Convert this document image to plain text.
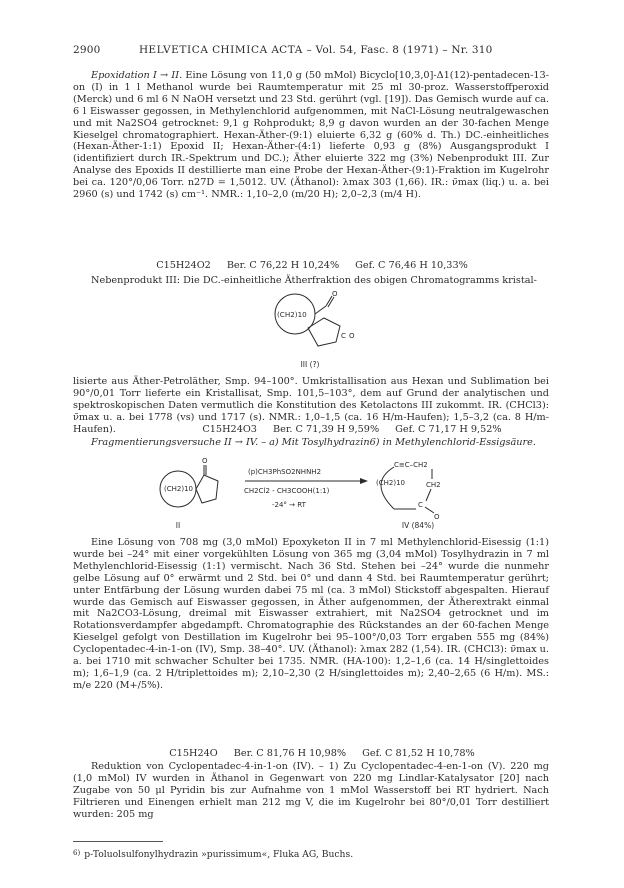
2900	HELVETICA CHIMICA ACTA – Vol. 54, Fasc. 8 (1971) – Nr. 310
Epoxidation I → II. Eine Lösung von 11,0 g (50 mMol) Bicyclo[10,3,0]-Δ1(12)-pentadecen-13-on (I) in 1 l Methanol wurde bei Raumtemperatur mit 25 ml 30-proz. Wasserstoffperoxid (Merck) und 6 ml 6 N NaOH versetzt und 23 Std. gerührt (vgl. [19]). Das Gemisch wurde auf ca. 6 l Eiswasser gegossen, in Methylenchlorid aufgenommen, mit NaCl-Lösung neutralgewaschen und mit Na2SO4 getrocknet: 9,1 g Rohprodukt; 8,9 g davon wurden an der 30-fachen Menge Kieselgel chromatographiert. Hexan-Äther-(9:1) eluierte 6,32 g (60% d. Th.) DC.-einheitliches (Hexan-Äther-1:1) Epoxid II; Hexan-Äther-(4:1) lieferte 0,93 g (8%) Ausgangsprodukt I (identifiziert durch IR.-Spektrum und DC.); Äther eluierte 322 mg (3%) Nebenprodukt III. Zur Analyse des Epoxids II destillierte man eine Probe der Hexan-Äther-(9:1)-Fraktion im Kugelrohr bei ca. 120°/0,06 Torr. n27D = 1,5012. UV. (Äthanol): λmax 303 (1,66). IR.: ν̃max (liq.) u. a. bei 2960 (s) und 1742 (s) cm⁻¹. NMR.: 1,10–2,0 (m/20 H); 2,0–2,3 (m/4 H).
C15H24O2 Ber. C 76,22 H 10,24% Gef. C 76,46 H 10,33%
Nebenprodukt III: Die DC.-einheitliche Ätherfraktion des obigen Chromatogramms kristal-
(CH2)10
O
C O
III (?)
lisierte aus Äther-Petroläther, Smp. 94–100°. Umkristallisation aus Hexan und Sublimation bei 90°/0,01 Torr lieferte ein Kristallisat, Smp. 101,5–103°, dem auf Grund der analytischen und spektroskopischen Daten vermutlich die Konstitution des Ketolactons III zukommt. IR. (CHCl3): ν̃max u. a. bei 1778 (vs) und 1717 (s). NMR.: 1,0–1,5 (ca. 16 H/m-Haufen); 1,5–3,2 (ca. 8 H/m-Haufen).	C15H24O3 Ber. C 71,39 H 9,59% Gef. C 71,17 H 9,52%
Fragmentierungsversuche II → IV. – a) Mit Tosylhydrazin6) in Methylenchlorid-Essigsäure.
(CH2)10
O
(p)CH3PhSO2NHNH2
CH2Cl2 - CH3COOH(1:1)
-24° → RT
(CH2)10
C≡C–CH2
CH2
C
O
II	IV (84%)
Eine Lösung von 708 mg (3,0 mMol) Epoxyketon II in 7 ml Methylenchlorid-Eisessig (1:1) wurde bei –24° mit einer vorgekühlten Lösung von 365 mg (3,04 mMol) Tosylhydrazin in 7 ml Methylenchlorid-Eisessig (1:1) vermischt. Nach 36 Std. Stehen bei –24° wurde die nunmehr gelbe Lösung auf 0° erwärmt und 2 Std. bei 0° und dann 4 Std. bei Raumtemperatur gerührt; unter Entfärbung der Lösung wurden dabei 75 ml (ca. 3 mMol) Stickstoff abgespalten. Hierauf wurde das Gemisch auf Eiswasser gegossen, in Äther aufgenommen, der Ätherextrakt einmal mit Na2CO3-Lösung, dreimal mit Eiswasser extrahiert, mit Na2SO4 getrocknet und im Rotationsverdampfer abgedampft. Chromatographie des Rückstandes an der 60-fachen Menge Kieselgel gefolgt von Destillation im Kugelrohr bei 95–100°/0,03 Torr ergaben 555 mg (84%) Cyclopentadec-4-in-1-on (IV), Smp. 38–40°. UV. (Äthanol): λmax 282 (1,54). IR. (CHCl3): ν̃max u. a. bei 1710 mit schwacher Schulter bei 1735. NMR. (HA-100): 1,2–1,6 (ca. 14 H/singlettoides m); 1,6–1,9 (ca. 2 H/triplettoides m); 2,10–2,30 (2 H/singlettoides m); 2,40–2,65 (6 H/m). MS.: m/e 220 (M+/5%).
C15H24O Ber. C 81,76 H 10,98% Gef. C 81,52 H 10,78%
Reduktion von Cyclopentadec-4-in-1-on (IV). – 1) Zu Cyclopentadec-4-en-1-on (V). 220 mg (1,0 mMol) IV wurden in Äthanol in Gegenwart von 220 mg Lindlar-Katalysator [20] nach Zugabe von 50 μl Pyridin bis zur Aufnahme von 1 mMol Wasserstoff bei RT hydriert. Nach Filtrieren und Einengen erhielt man 212 mg V, die im Kugelrohr bei 80°/0,01 Torr destilliert wurden: 205 mg
$^{6)}$ p-Toluolsulfonylhydrazin »purissimum«, Fluka AG, Buchs.
